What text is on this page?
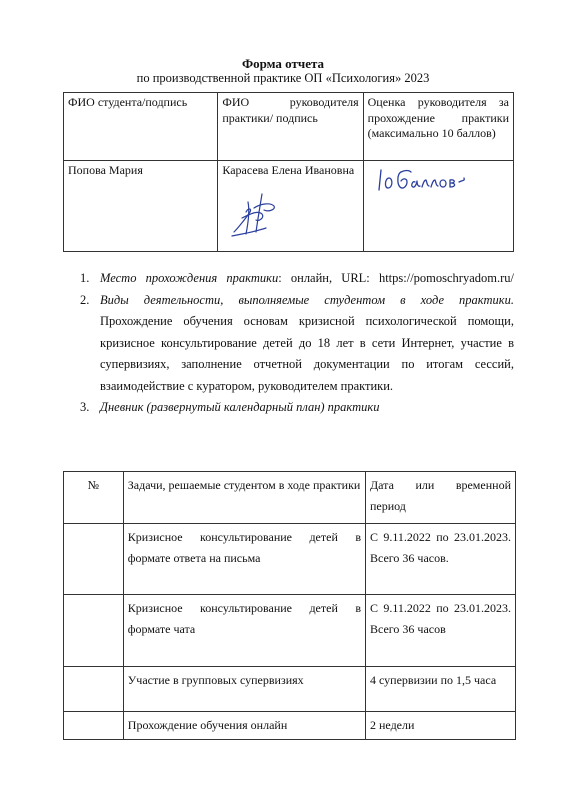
Форма отчета
по производственной практике ОП «Психология» 2023
ФИО студента/подпись	ФИО руководителя практики/ подпись	Оценка руководителя за прохождение практики (максимально 10 баллов)
Попова Мария	Карасева Елена Ивановна	
1. Место прохождения практики: онлайн, URL: https://pomoschryadom.ru/
2. Виды деятельности, выполняемые студентом в ходе практики. Прохождение обучения основам кризисной психологической помощи, кризисное консультирование детей до 18 лет в сети Интернет, участие в супервизиях, заполнение отчетной документации по итогам сессий, взаимодействие с куратором, руководителем практики.
3. Дневник (развернутый календарный план) практики
№	Задачи, решаемые студентом в ходе практики	Дата или временной период
	Кризисное консультирование детей в формате ответа на письма	С 9.11.2022 по 23.01.2023. Всего 36 часов.
	Кризисное консультирование детей в формате чата	С 9.11.2022 по 23.01.2023. Всего 36 часов
	Участие в групповых супервизиях	4 супервизии по 1,5 часа
	Прохождение обучения онлайн	2 недели
